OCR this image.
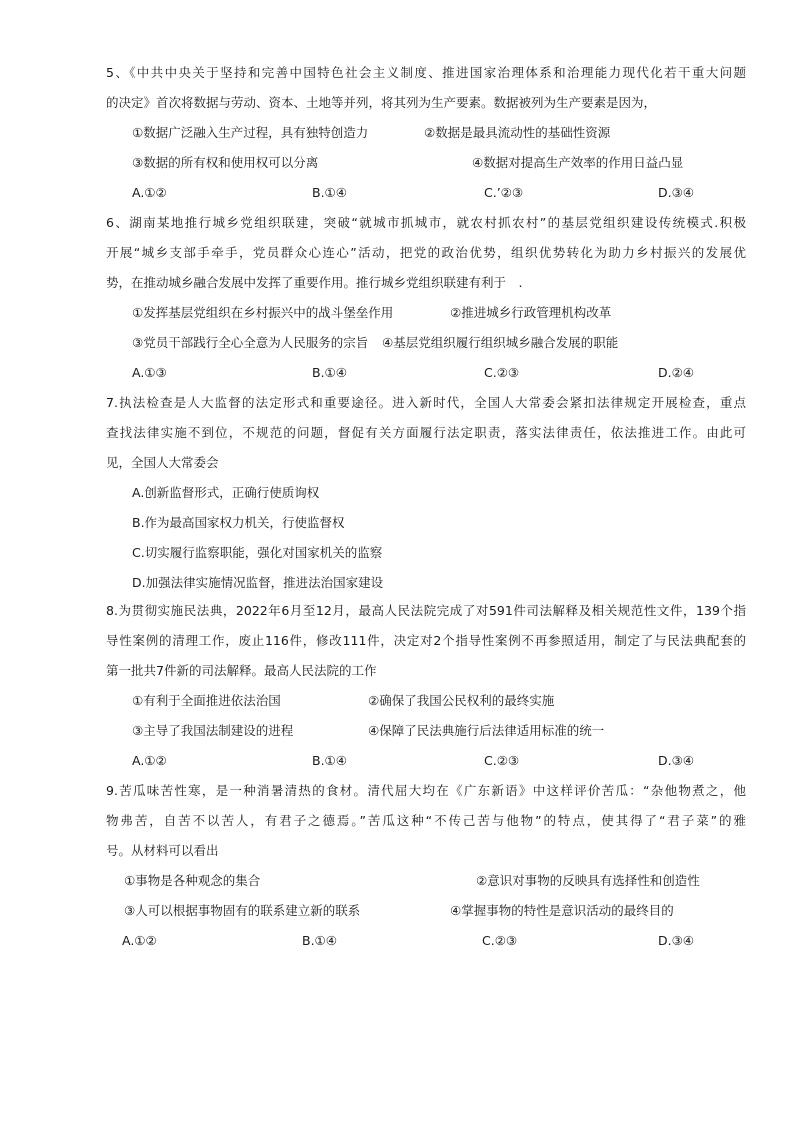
5、《中共中央关于坚持和完善中国特色社会主义制度、推进国家治理体系和治理能力现代化若干重大问题
的决定》首次将数据与劳动、资本、土地等并列，将其列为生产要素。数据被列为生产要素是因为，
①数据广泛融入生产过程，具有独特创造力	②数据是最具流动性的基础性资源
③数据的所有权和使用权可以分离	④数据对提高生产效率的作用日益凸显
A.①②	B.①④	C.’②③	D.③④
6、湖南某地推行城乡党组织联建，突破“就城市抓城市，就农村抓农村”的基层党组织建设传统模式.积极
开展“城乡支部手牵手，党员群众心连心”活动，把党的政治优势，组织优势转化为助力乡村振兴的发展优
势，在推动城乡融合发展中发挥了重要作用。推行城乡党组织联建有利于　.
①发挥基层党组织在乡村振兴中的战斗堡垒作用	②推进城乡行政管理机构改革
③党员干部践行全心全意为人民服务的宗旨 ④基层党组织履行组织城乡融合发展的职能
A.①③	B.①④	C.②③	D.②④
7.执法检查是人大监督的法定形式和重要途径。进入新时代，全国人大常委会紧扣法律规定开展检查，重点
查找法律实施不到位，不规范的问题，督促有关方面履行法定职责，落实法律责任，依法推进工作。由此可
见，全国人大常委会
A.创新监督形式，正确行使质询权
B.作为最高国家权力机关，行使监督权
C.切实履行监察职能，强化对国家机关的监察
D.加强法律实施情况监督，推进法治国家建设
8.为贯彻实施民法典，2022年6月至12月，最高人民法院完成了对591件司法解释及相关规范性文件，139个指
导性案例的清理工作，废止116件，修改111件，决定对2个指导性案例不再参照适用，制定了与民法典配套的
第一批共7件新的司法解释。最高人民法院的工作
①有利于全面推进依法治国	②确保了我国公民权利的最终实施
③主导了我国法制建设的进程	④保障了民法典施行后法律适用标准的统一
A.①②	B.①④	C.②③	D.③④
9.苦瓜味苦性寒，是一种消暑清热的食材。清代屈大均在《广东新语》中这样评价苦瓜：“杂他物煮之，他
物弗苦，自苦不以苦人，有君子之德焉。”苦瓜这种“不传己苦与他物”的特点，使其得了“君子菜”的雅
号。从材料可以看出
①事物是各种观念的集合	②意识对事物的反映具有选择性和创造性
③人可以根据事物固有的联系建立新的联系	④掌握事物的特性是意识活动的最终目的
A.①②	B.①④	C.②③	D.③④
